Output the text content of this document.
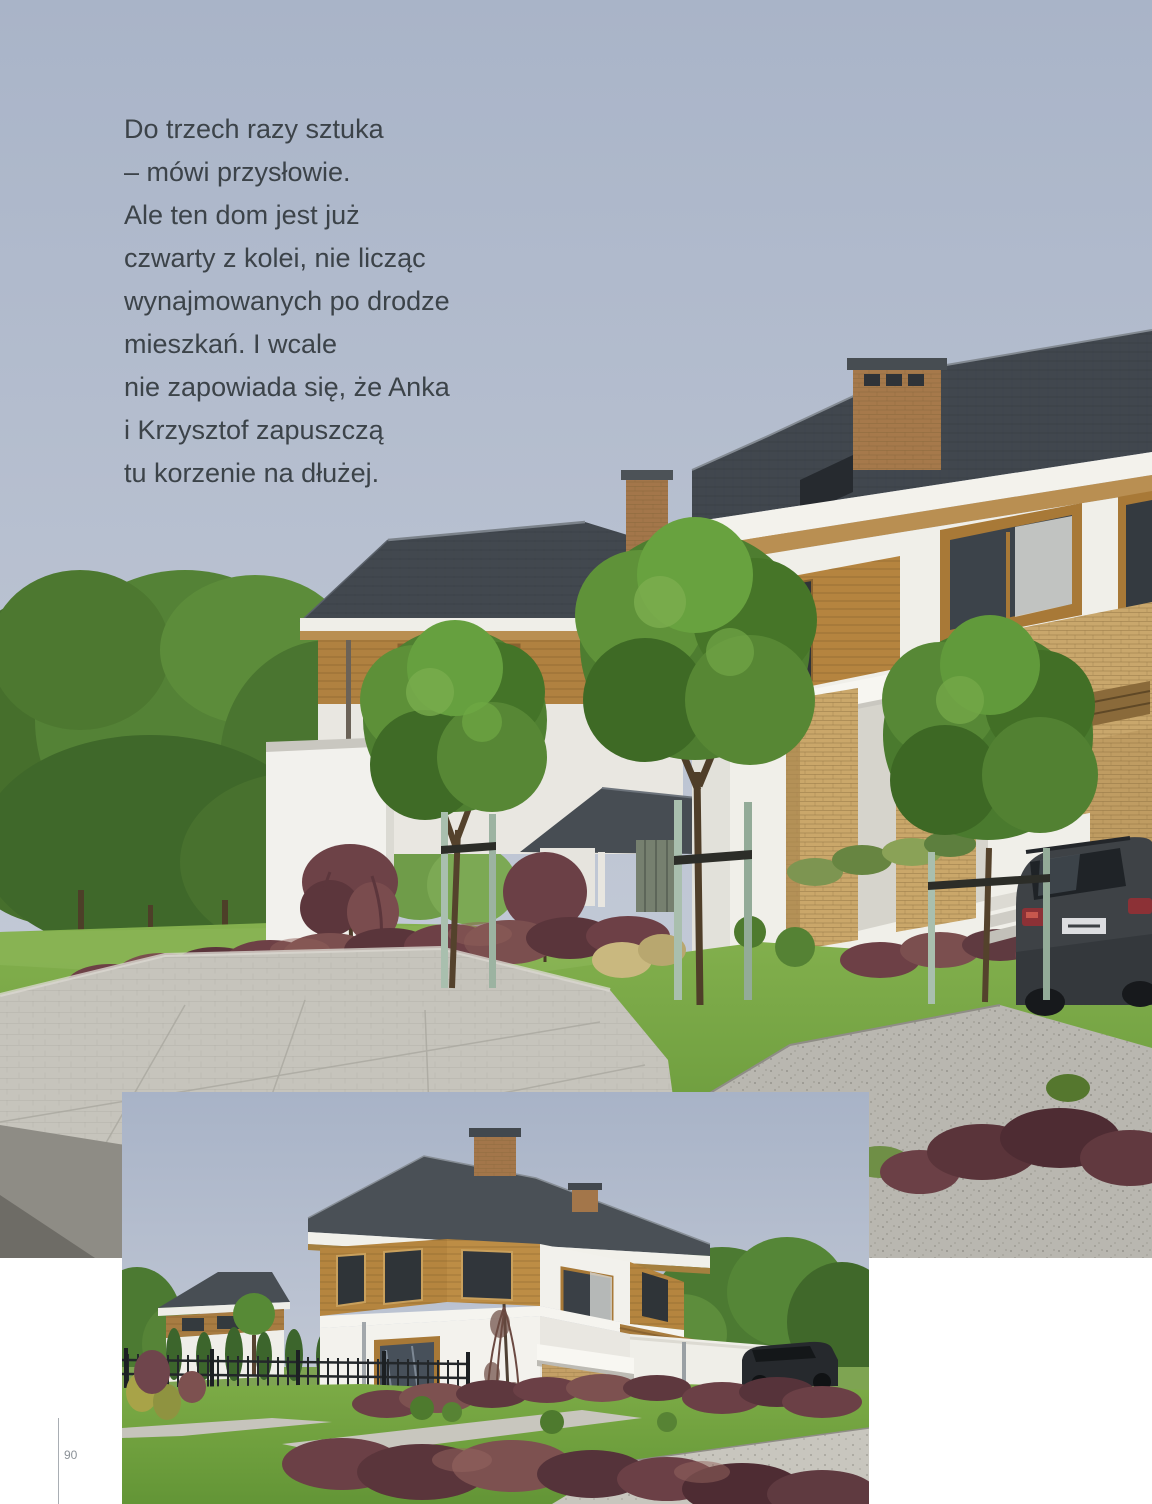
Do trzech razy sztuka
– mówi przysłowie.
Ale ten dom jest już
czwarty z kolei, nie licząc
wynajmowanych po drodze
mieszkań. I wcale
nie zapowiada się, że Anka
i Krzysztof zapuszczą
tu korzenie na dłużej.
90
